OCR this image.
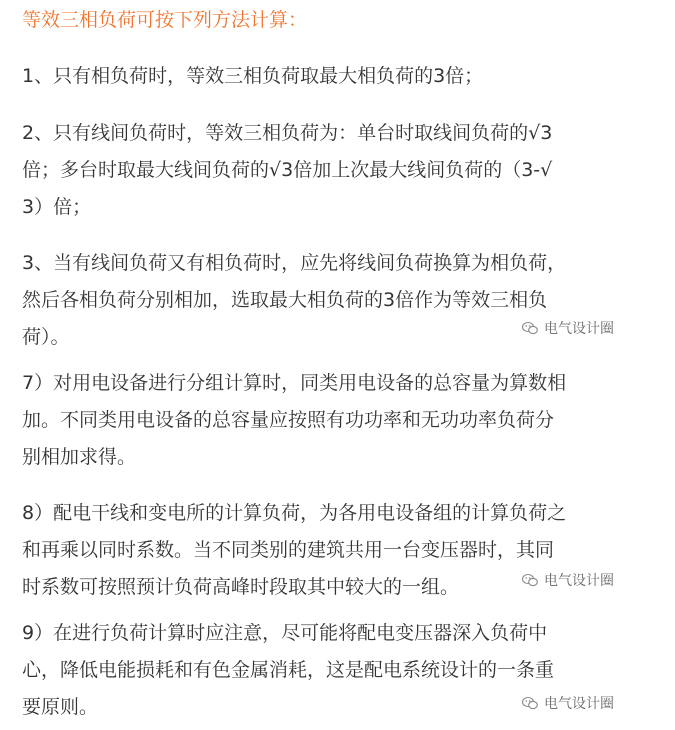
等效三相负荷可按下列方法计算：
1、只有相负荷时，等效三相负荷取最大相负荷的3倍；
2、只有线间负荷时，等效三相负荷为：单台时取线间负荷的√3
倍；多台时取最大线间负荷的√3倍加上次最大线间负荷的（3-√
3）倍；
3、当有线间负荷又有相负荷时，应先将线间负荷换算为相负荷，
然后各相负荷分别相加，选取最大相负荷的3倍作为等效三相负
荷）。
7）对用电设备进行分组计算时，同类用电设备的总容量为算数相
加。不同类用电设备的总容量应按照有功功率和无功功率负荷分
别相加求得。
8）配电干线和变电所的计算负荷，为各用电设备组的计算负荷之
和再乘以同时系数。当不同类别的建筑共用一台变压器时，其同
时系数可按照预计负荷高峰时段取其中较大的一组。
9）在进行负荷计算时应注意，尽可能将配电变压器深入负荷中
心，降低电能损耗和有色金属消耗，这是配电系统设计的一条重
要原则。
电气设计圈
电气设计圈
电气设计圈
